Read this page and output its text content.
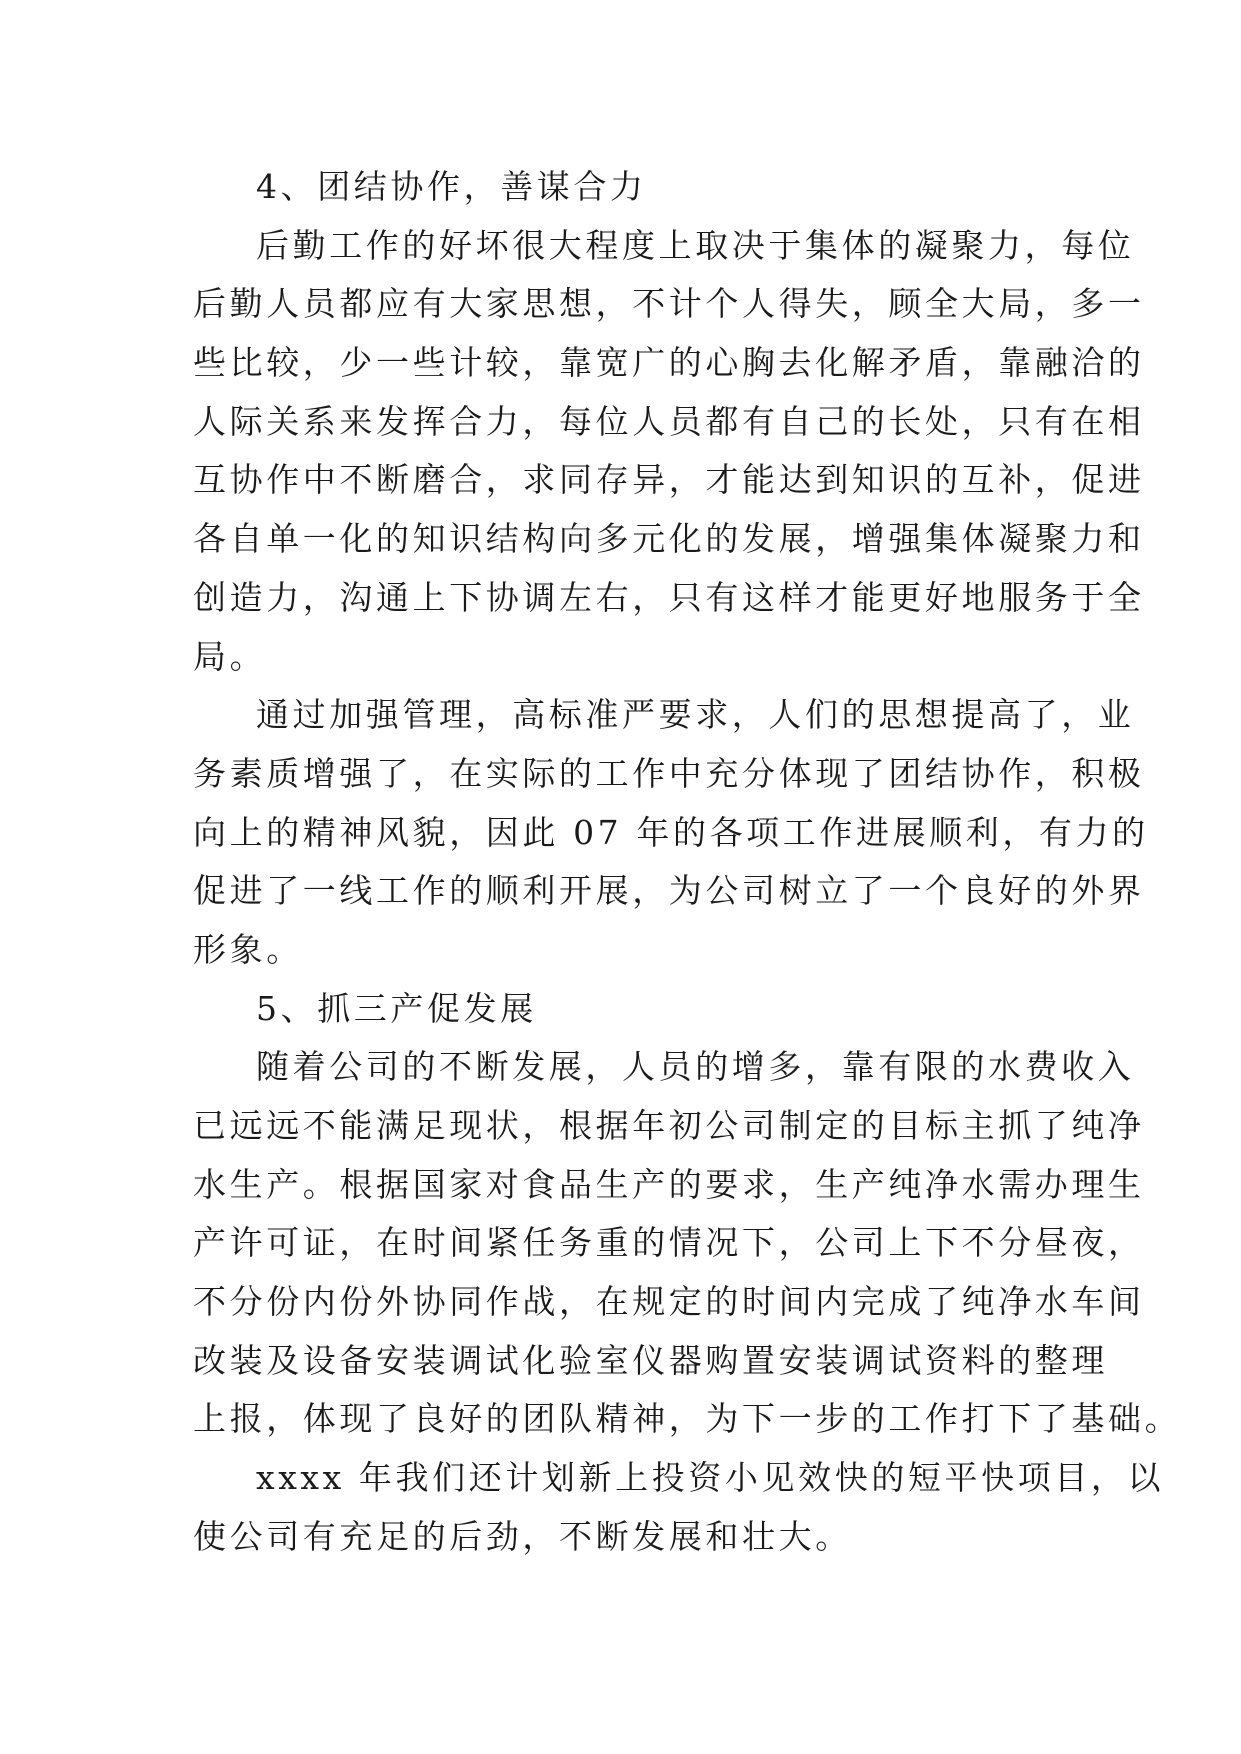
4、团结协作，善谋合力
后勤工作的好坏很大程度上取决于集体的凝聚力，每位
后勤人员都应有大家思想，不计个人得失，顾全大局，多一
些比较，少一些计较，靠宽广的心胸去化解矛盾，靠融洽的
人际关系来发挥合力，每位人员都有自己的长处，只有在相
互协作中不断磨合，求同存异，才能达到知识的互补，促进
各自单一化的知识结构向多元化的发展，增强集体凝聚力和
创造力，沟通上下协调左右，只有这样才能更好地服务于全
局。
通过加强管理，高标准严要求，人们的思想提高了，业
务素质增强了，在实际的工作中充分体现了团结协作，积极
向上的精神风貌，因此 07 年的各项工作进展顺利，有力的
促进了一线工作的顺利开展，为公司树立了一个良好的外界
形象。
5、抓三产促发展
随着公司的不断发展，人员的增多，靠有限的水费收入
已远远不能满足现状，根据年初公司制定的目标主抓了纯净
水生产。根据国家对食品生产的要求，生产纯净水需办理生
产许可证，在时间紧任务重的情况下，公司上下不分昼夜，
不分份内份外协同作战，在规定的时间内完成了纯净水车间
改装及设备安装调试化验室仪器购置安装调试资料的整理
上报，体现了良好的团队精神，为下一步的工作打下了基础。
xxxx 年我们还计划新上投资小见效快的短平快项目，以
使公司有充足的后劲，不断发展和壮大。
